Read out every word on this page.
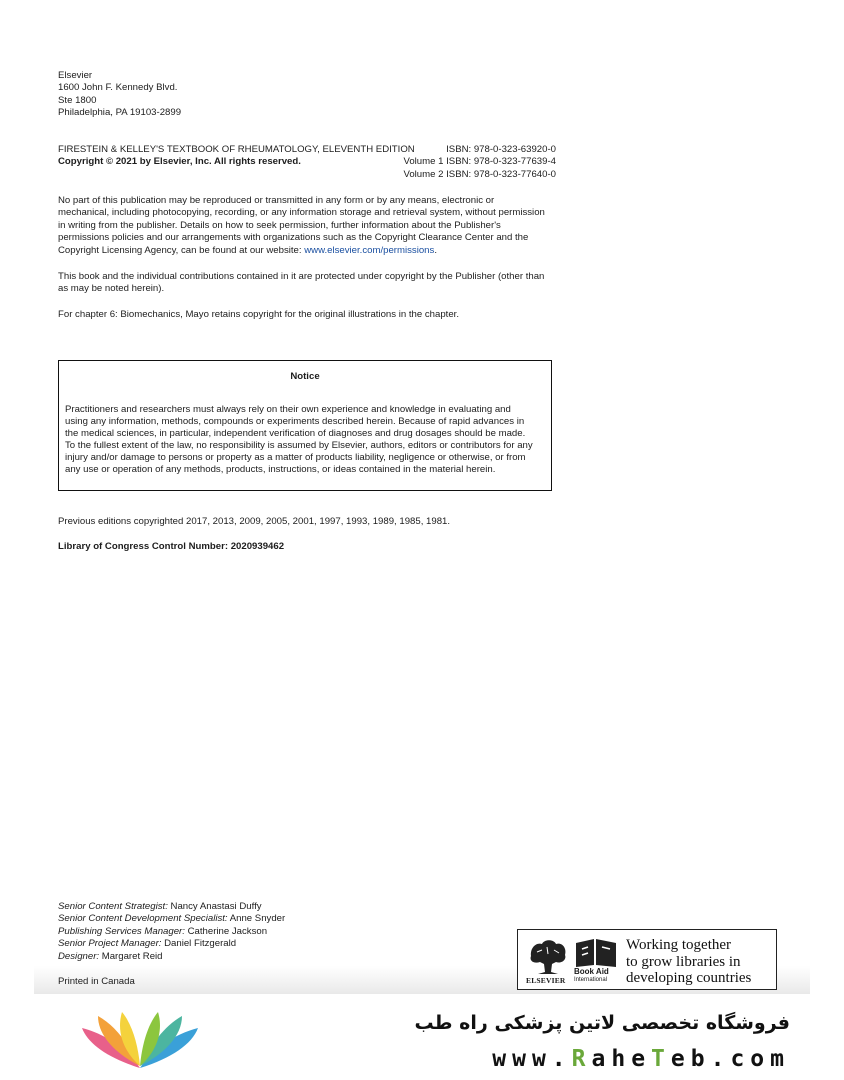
Elsevier
1600 John F. Kennedy Blvd.
Ste 1800
Philadelphia, PA 19103-2899
FIRESTEIN & KELLEY'S TEXTBOOK OF RHEUMATOLOGY, ELEVENTH EDITION	ISBN: 978-0-323-63920-0
Copyright © 2021 by Elsevier, Inc. All rights reserved.	Volume 1 ISBN: 978-0-323-77639-4
Volume 2 ISBN: 978-0-323-77640-0
No part of this publication may be reproduced or transmitted in any form or by any means, electronic or mechanical, including photocopying, recording, or any information storage and retrieval system, without permission in writing from the publisher. Details on how to seek permission, further information about the Publisher's permissions policies and our arrangements with organizations such as the Copyright Clearance Center and the Copyright Licensing Agency, can be found at our website: www.elsevier.com/permissions.
This book and the individual contributions contained in it are protected under copyright by the Publisher (other than as may be noted herein).
For chapter 6: Biomechanics, Mayo retains copyright for the original illustrations in the chapter.
Notice
Practitioners and researchers must always rely on their own experience and knowledge in evaluating and using any information, methods, compounds or experiments described herein. Because of rapid advances in the medical sciences, in particular, independent verification of diagnoses and drug dosages should be made. To the fullest extent of the law, no responsibility is assumed by Elsevier, authors, editors or contributors for any injury and/or damage to persons or property as a matter of products liability, negligence or otherwise, or from any use or operation of any methods, products, instructions, or ideas contained in the material herein.
Previous editions copyrighted 2017, 2013, 2009, 2005, 2001, 1997, 1993, 1989, 1985, 1981.
Library of Congress Control Number: 2020939462
Senior Content Strategist: Nancy Anastasi Duffy
Senior Content Development Specialist: Anne Snyder
Publishing Services Manager: Catherine Jackson
Senior Project Manager: Daniel Fitzgerald
Designer: Margaret Reid
Printed in Canada	ELSEVIER
Book Aid
International
Working together
to grow libraries in
developing countries
فروشگاه تخصصی لاتین پزشکی راه طب
www.RaheTeb.com
